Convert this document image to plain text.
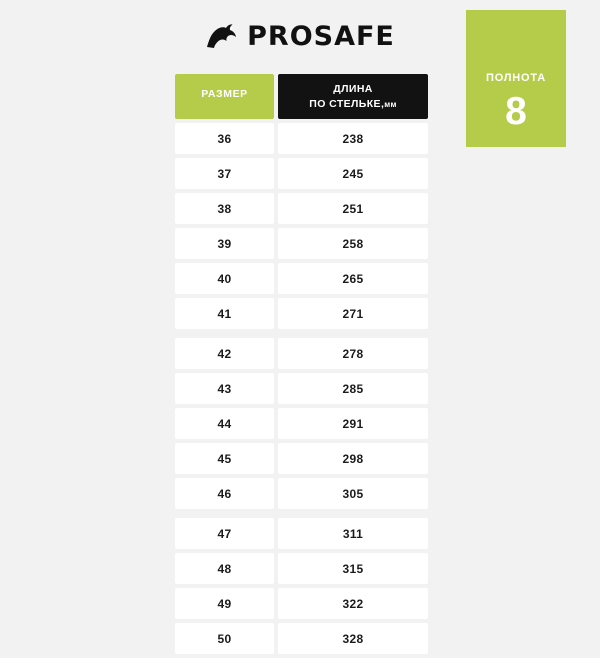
PROSAFE
ПОЛНОТА
8
РАЗМЕР	ДЛИНА
ПО СТЕЛЬКЕ,мм
36	238
37	245
38	251
39	258
40	265
41	271
42	278
43	285
44	291
45	298
46	305
47	311
48	315
49	322
50	328
